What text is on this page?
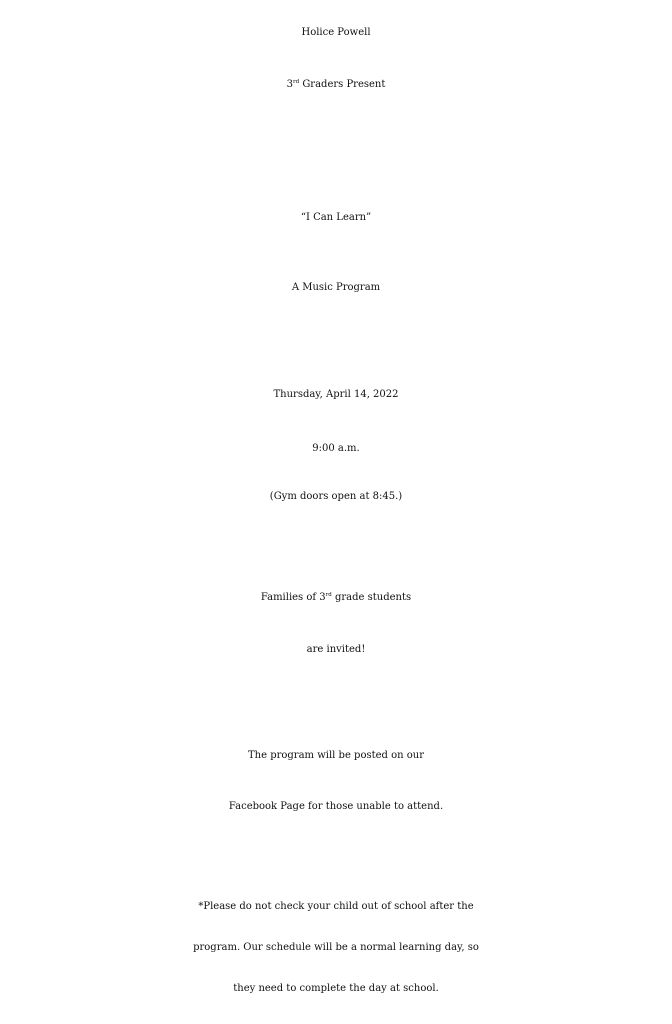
Holice Powell
3rd Graders Present
“I Can Learn”
A Music Program
Thursday, April 14, 2022
9:00 a.m.
(Gym doors open at 8:45.)
Families of 3rd grade students
are invited!
The program will be posted on our
Facebook Page for those unable to attend.
*Please do not check your child out of school after the
program. Our schedule will be a normal learning day, so
they need to complete the day at school.
